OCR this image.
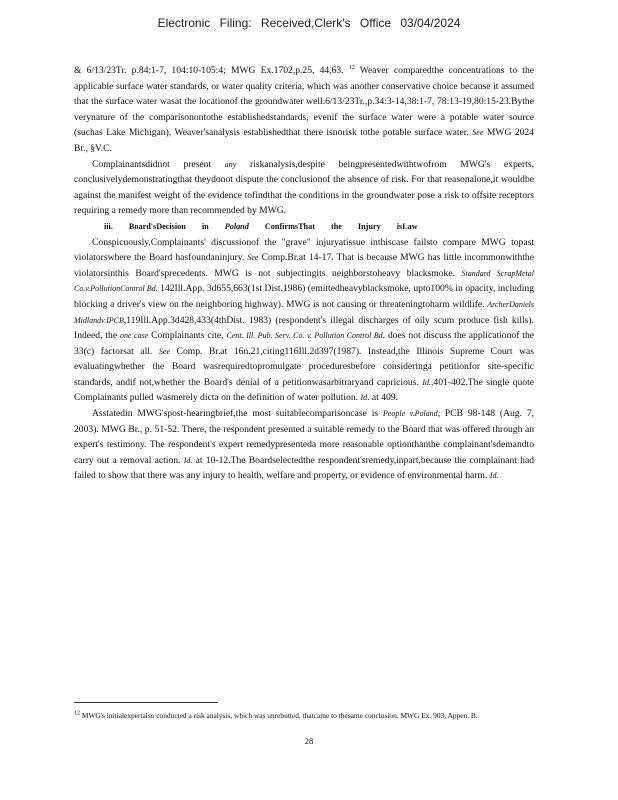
Electronic Filing: Received,Clerk's Office 03/04/2024

& 6/13/23Tr. p.84:1-7, 104:10-105:4; MWG Ex.1702,p.25, 44,63. $^{12}$ Weaver comparedthe concentrations to the applicable surface water standards, or water quality criteria, which was another conservative choice because it assumed that the surface water wasat the locationof the groundwater well.6/13/23Tr.,p.34:3-14,38:1-7, 78:13-19,80:15-23.Bythe verynature of the comparisonontothe establishedstandards, evenif the surface water were a potable water source (suchas Lake Michigan), Weaver'sanalysis establishedthat there isnorisk tothe potable surface water. See MWG 2024 Br., §V.C.

Complainantsdidnot present any riskanalysis,despite beingpresentedwithtwofrom MWG's experts, conclusivelydemonstratingthat theydonot dispute the conclusionof the absence of risk. For that reasonalone,it wouldbe against the manifest weight of the evidence tofindthat the conditions in the groundwater pose a risk to offsite receptors requiring a remedy more than recommended by MWG.

iii. Board'sDecision in Poland ConfirmsThat the Injury isLaw

Conspicuously,Complainants' discussionof the "grave" injuryatissue inthiscase failsto compare MWG topast violatorswhere the Board hasfoundaninjury. See Comp.Br.at 14-17. That is because MWG has little incommonwiththe violatorsinthis Board'sprecedents. MWG is not subjectingits neighborstoheavy blacksmoke. Standard ScrapMetal Co.v.PollutionControl Bd. 142Ill.App. 3d655,663(1st Dist.1986) (emittedheavyblacksmoke, upto100% in opacity, including blocking a driver's view on the neighboring highway). MWG is not causing or threateningtoharm wildlife. ArcherDaniels Midlandv.IPCB,119Ill.App.3d428,433(4thDist. 1983) (respondent's illegal discharges of oily scum produce fish kills). Indeed, the one case Complainants cite, Cent. Ill. Pub. Serv. Co. v. Pollution Control Bd. does not discuss the applicationof the 33(c) factorsat all. See Comp. Br.at 16n.21,citing116Ill.2d397(1987). Instead,the Illinois Supreme Court was evaluatingwhether the Board wasrequiredtopromulgate proceduresbefore consideringa petitionfor site-specific standards, andif not,whether the Board's denial of a petitionwasarbitraryand capricious. Id.,401-402.The single quote Complainants pulled wasmerely dicta on the definition of water pollution. Id. at 409.

Asstatedin MWG'spost-hearingbrief,the most suitablecomparisoncase is People v.Poland, PCB 98-148 (Aug. 7, 2003). MWG Br., p. 51-52. There, the respondent presented a suitable remedy to the Board that was offered through an expert's testimony. The respondent's expert remedypresenteda more reasonable optionthanthe complainant'sdemandto carry out a removal action. Id. at 10-12.The Boardselectedthe respondent'sremedy,inpart,because the complainant had failed to show that there was any injury to health, welfare and property, or evidence of environmental harm. Id.

$^{12}$ MWG's initialexpertalso conducted a risk analysis, which was unrebutted, thatcame to thesame conclusion. MWG Ex. 903, Appen. B.
28
